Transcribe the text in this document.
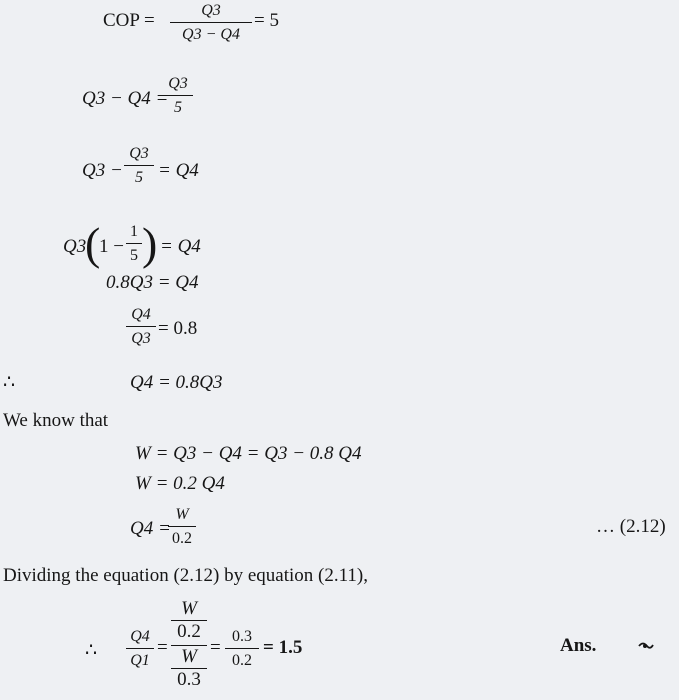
COP = $\frac{Q3}{Q3 - Q4} = 5$
Q3 − Q4 =
$\frac{Q3}{5}$
$Q3 - \frac{Q3}{5} = Q4$
Q3
(
$1 - \frac{1}{5}$ ) = Q4
0.8Q3 = Q4
$\frac{Q4}{Q3} = 0.8$
∴	Q4 = 0.8Q3
We know that
W = Q3 − Q4 = Q3 − 0.8 Q4
W = 0.2 Q4
Q4 =
$\frac{W}{0.2}$	… (2.12)
Dividing the equation (2.12) by equation (2.11),
∴ $\frac{Q4}{Q1}$ =
W
0.2
W
0.3
= $\frac{0.3}{0.2} = 1.5$	Ans.
